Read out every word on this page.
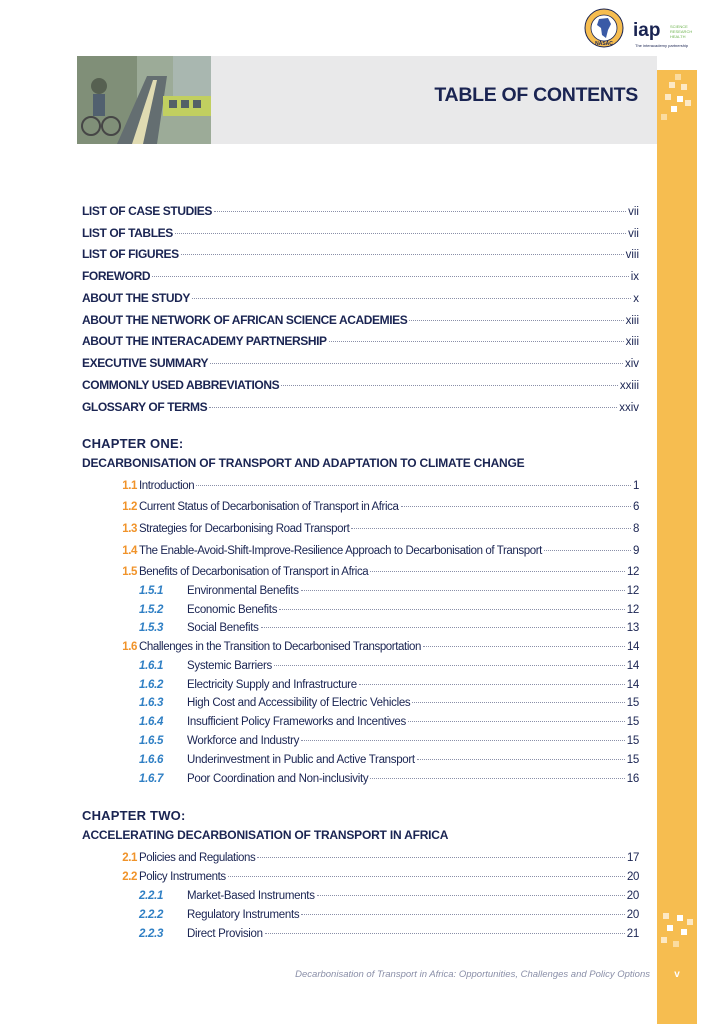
TABLE OF CONTENTS
NASAC
iap SCIENCE
RESEARCH
HEALTH
The interacademy partnership
LIST OF CASE STUDIES	vii
LIST OF TABLES	vii
LIST OF FIGURES	viii
FOREWORD	ix
ABOUT THE STUDY	x
ABOUT THE NETWORK OF AFRICAN SCIENCE ACADEMIES	xiii
ABOUT THE INTERACADEMY PARTNERSHIP	xiii
EXECUTIVE SUMMARY	xiv
COMMONLY USED ABBREVIATIONS	xxiii
GLOSSARY OF TERMS	xxiv
CHAPTER ONE:
DECARBONISATION OF TRANSPORT AND ADAPTATION TO CLIMATE CHANGE
1.1 Introduction	1
1.2 Current Status of Decarbonisation of Transport in Africa	6
1.3 Strategies for Decarbonising Road Transport	8
1.4 The Enable-Avoid-Shift-Improve-Resilience Approach to Decarbonisation of Transport	9
1.5 Benefits of Decarbonisation of Transport in Africa	12
1.5.1	Environmental Benefits	12
1.5.2	Economic Benefits	12
1.5.3	Social Benefits	13
1.6 Challenges in the Transition to Decarbonised Transportation	14
1.6.1	Systemic Barriers	14
1.6.2	Electricity Supply and Infrastructure	14
1.6.3	High Cost and Accessibility of Electric Vehicles	15
1.6.4	Insufficient Policy Frameworks and Incentives	15
1.6.5	Workforce and Industry	15
1.6.6	Underinvestment in Public and Active Transport	15
1.6.7	Poor Coordination and Non-inclusivity	16
CHAPTER TWO:
ACCELERATING DECARBONISATION OF TRANSPORT IN AFRICA
2.1 Policies and Regulations	17
2.2 Policy Instruments	20
2.2.1	Market-Based Instruments	20
2.2.2	Regulatory Instruments	20
2.2.3	Direct Provision	21
Decarbonisation of Transport in Africa: Opportunities, Challenges and Policy Options	v
